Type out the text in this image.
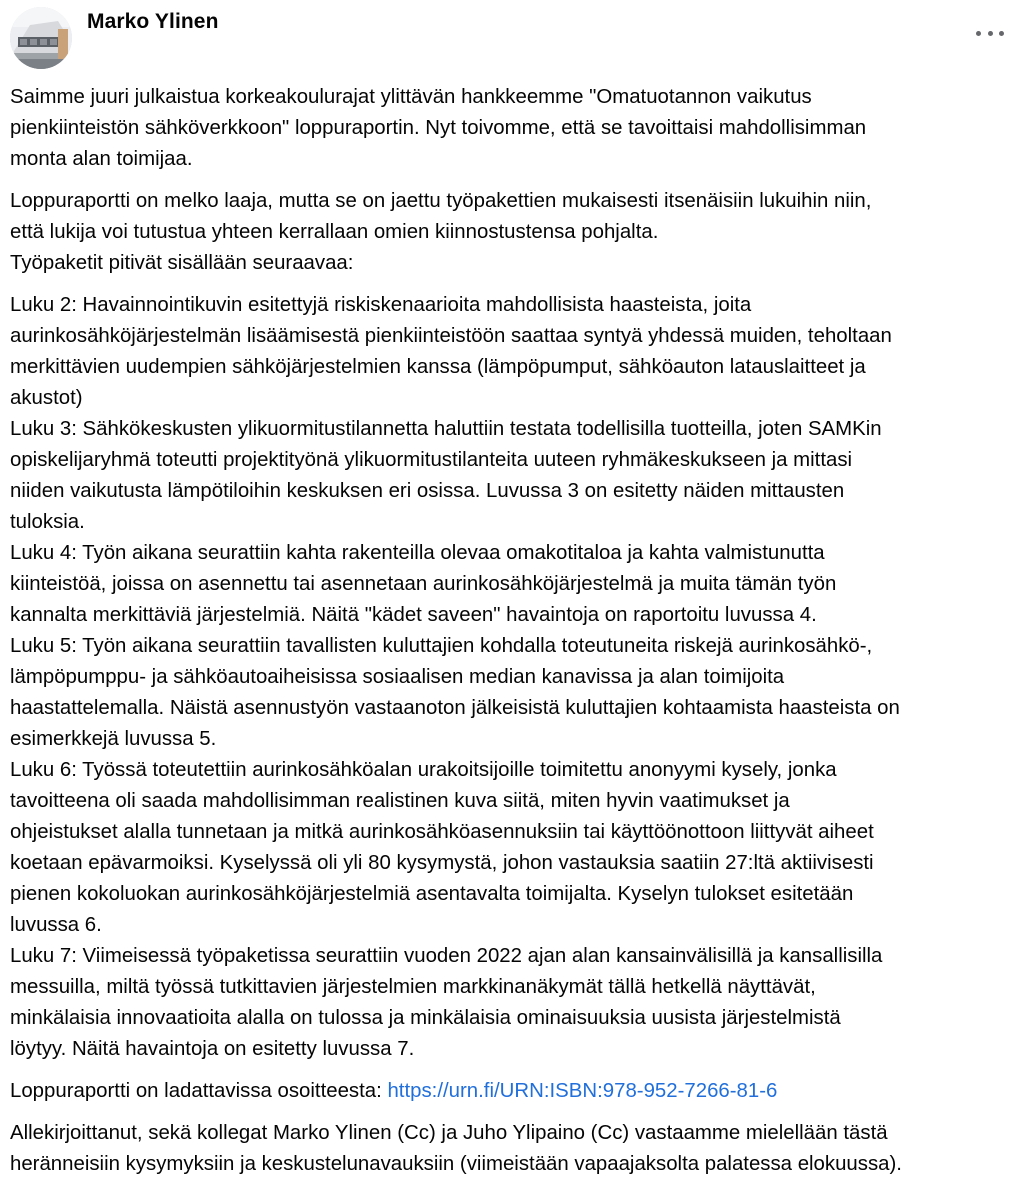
Marko Ylinen
Saimme juuri julkaistua korkeakoulurajat ylittävän hankkeemme "Omatuotannon vaikutus
pienkiinteistön sähköverkkoon" loppuraportin. Nyt toivomme, että se tavoittaisi mahdollisimman
monta alan toimijaa.
Loppuraportti on melko laaja, mutta se on jaettu työpakettien mukaisesti itsenäisiin lukuihin niin,
että lukija voi tutustua yhteen kerrallaan omien kiinnostustensa pohjalta.
Työpaketit pitivät sisällään seuraavaa:
Luku 2: Havainnointikuvin esitettyjä riskiskenaarioita mahdollisista haasteista, joita
aurinkosähköjärjestelmän lisäämisestä pienkiinteistöön saattaa syntyä yhdessä muiden, teholtaan
merkittävien uudempien sähköjärjestelmien kanssa (lämpöpumput, sähköauton latauslaitteet ja
akustot)
Luku 3: Sähkökeskusten ylikuormitustilannetta haluttiin testata todellisilla tuotteilla, joten SAMKin
opiskelijaryhmä toteutti projektityönä ylikuormitustilanteita uuteen ryhmäkeskukseen ja mittasi
niiden vaikutusta lämpötiloihin keskuksen eri osissa. Luvussa 3 on esitetty näiden mittausten
tuloksia.
Luku 4: Työn aikana seurattiin kahta rakenteilla olevaa omakotitaloa ja kahta valmistunutta
kiinteistöä, joissa on asennettu tai asennetaan aurinkosähköjärjestelmä ja muita tämän työn
kannalta merkittäviä järjestelmiä. Näitä "kädet saveen" havaintoja on raportoitu luvussa 4.
Luku 5: Työn aikana seurattiin tavallisten kuluttajien kohdalla toteutuneita riskejä aurinkosähkö-,
lämpöpumppu- ja sähköautoaiheisissa sosiaalisen median kanavissa ja alan toimijoita
haastattelemalla. Näistä asennustyön vastaanoton jälkeisistä kuluttajien kohtaamista haasteista on
esimerkkejä luvussa 5.
Luku 6: Työssä toteutettiin aurinkosähköalan urakoitsijoille toimitettu anonyymi kysely, jonka
tavoitteena oli saada mahdollisimman realistinen kuva siitä, miten hyvin vaatimukset ja
ohjeistukset alalla tunnetaan ja mitkä aurinkosähköasennuksiin tai käyttöönottoon liittyvät aiheet
koetaan epävarmoiksi. Kyselyssä oli yli 80 kysymystä, johon vastauksia saatiin 27:ltä aktiivisesti
pienen kokoluokan aurinkosähköjärjestelmiä asentavalta toimijalta. Kyselyn tulokset esitetään
luvussa 6.
Luku 7: Viimeisessä työpaketissa seurattiin vuoden 2022 ajan alan kansainvälisillä ja kansallisilla
messuilla, miltä työssä tutkittavien järjestelmien markkinanäkymät tällä hetkellä näyttävät,
minkälaisia innovaatioita alalla on tulossa ja minkälaisia ominaisuuksia uusista järjestelmistä
löytyy. Näitä havaintoja on esitetty luvussa 7.
Loppuraportti on ladattavissa osoitteesta: https://urn.fi/URN:ISBN:978-952-7266-81-6
Allekirjoittanut, sekä kollegat Marko Ylinen (Cc) ja Juho Ylipaino (Cc) vastaamme mielellään tästä
heränneisiin kysymyksiin ja keskustelunavauksiin (viimeistään vapaajaksolta palatessa elokuussa).
